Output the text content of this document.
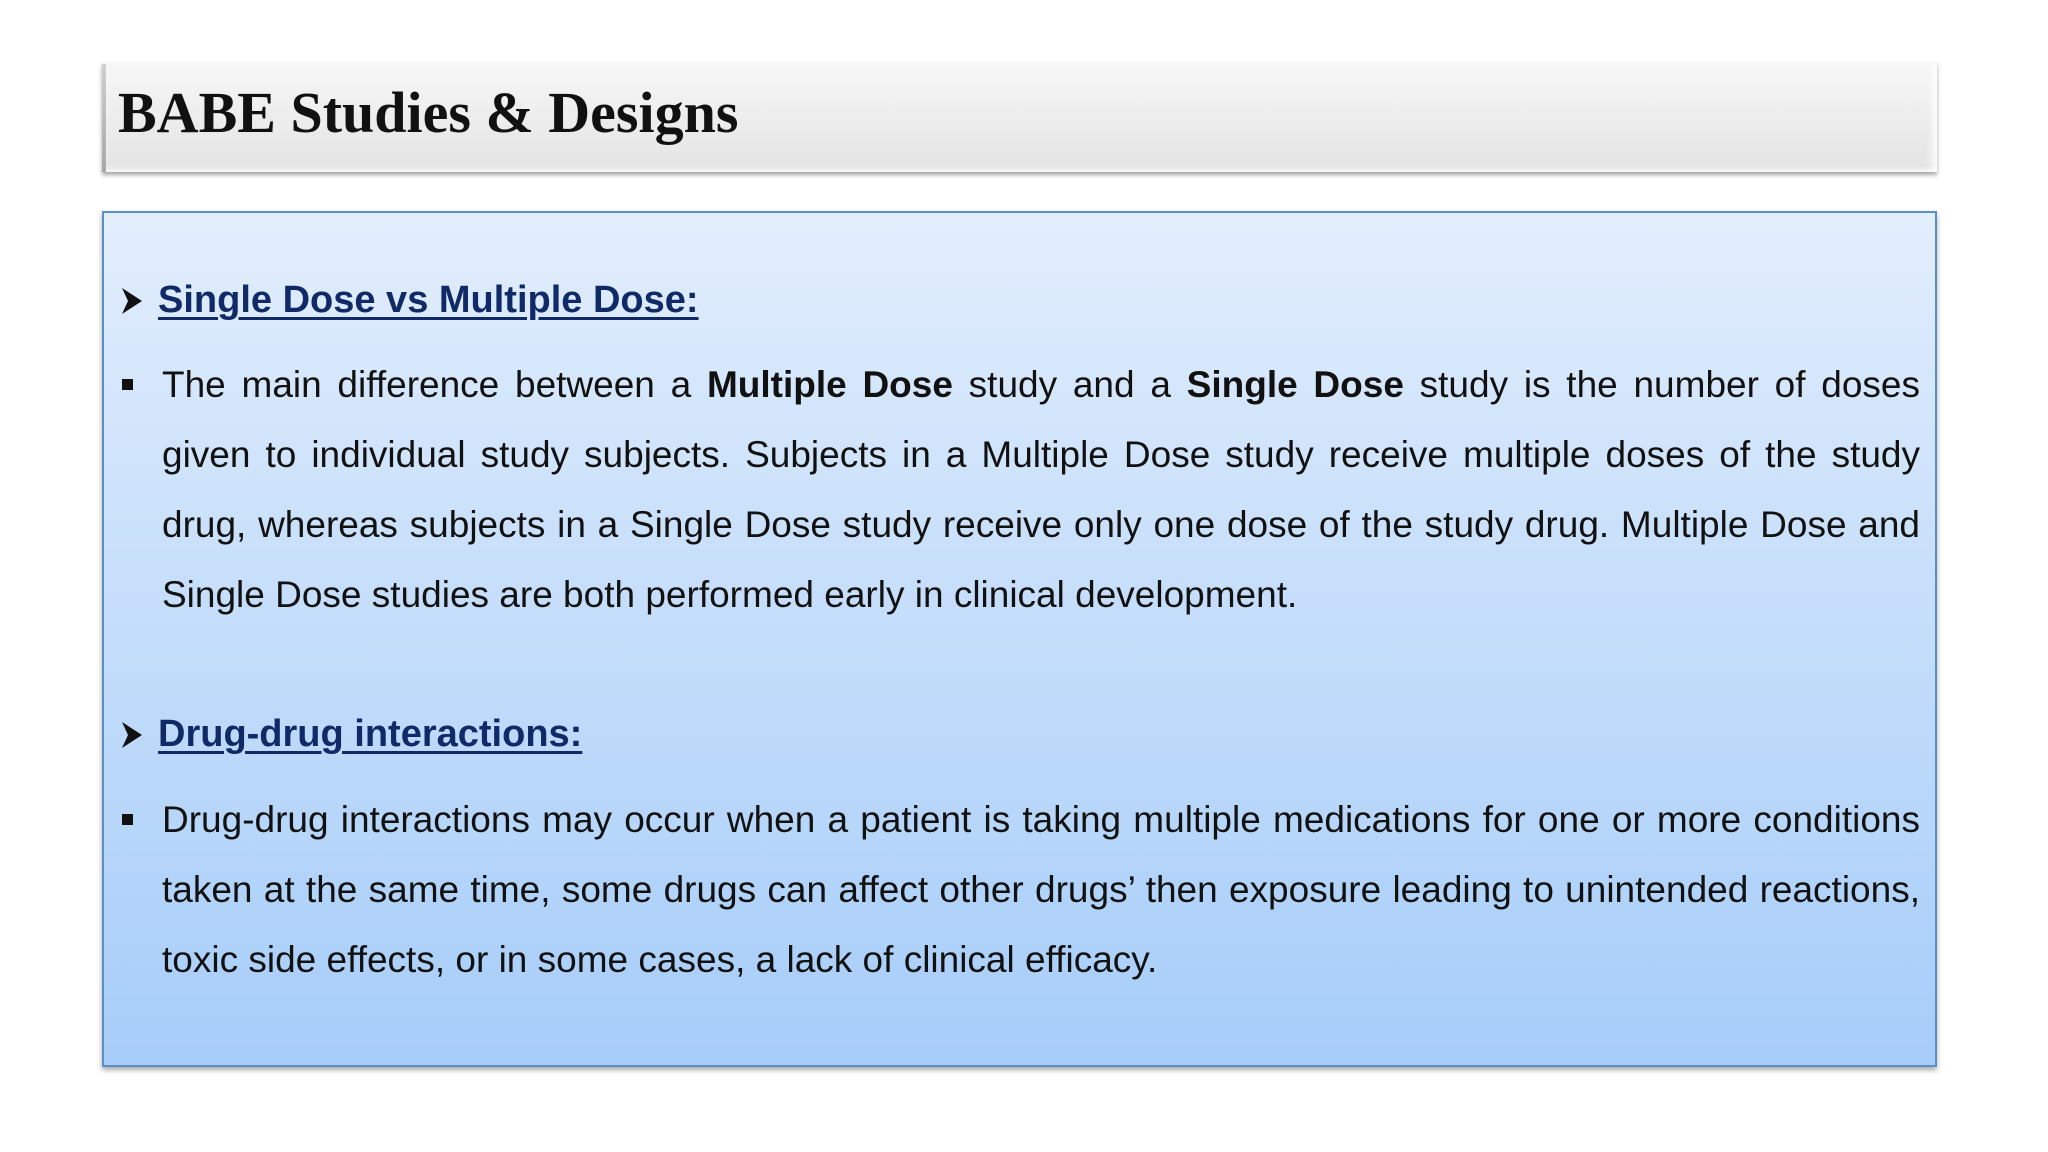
BABE Studies & Designs
Single Dose vs Multiple Dose:
The main difference between a Multiple Dose study and a Single Dose study is the number of doses given to individual study subjects. Subjects in a Multiple Dose study receive multiple doses of the study drug, whereas subjects in a Single Dose study receive only one dose of the study drug. Multiple Dose and Single Dose studies are both performed early in clinical development.
Drug-drug interactions:
Drug-drug interactions may occur when a patient is taking multiple medications for one or more conditions taken at the same time, some drugs can affect other drugs’ then exposure leading to unintended reactions, toxic side effects, or in some cases, a lack of clinical efficacy.
